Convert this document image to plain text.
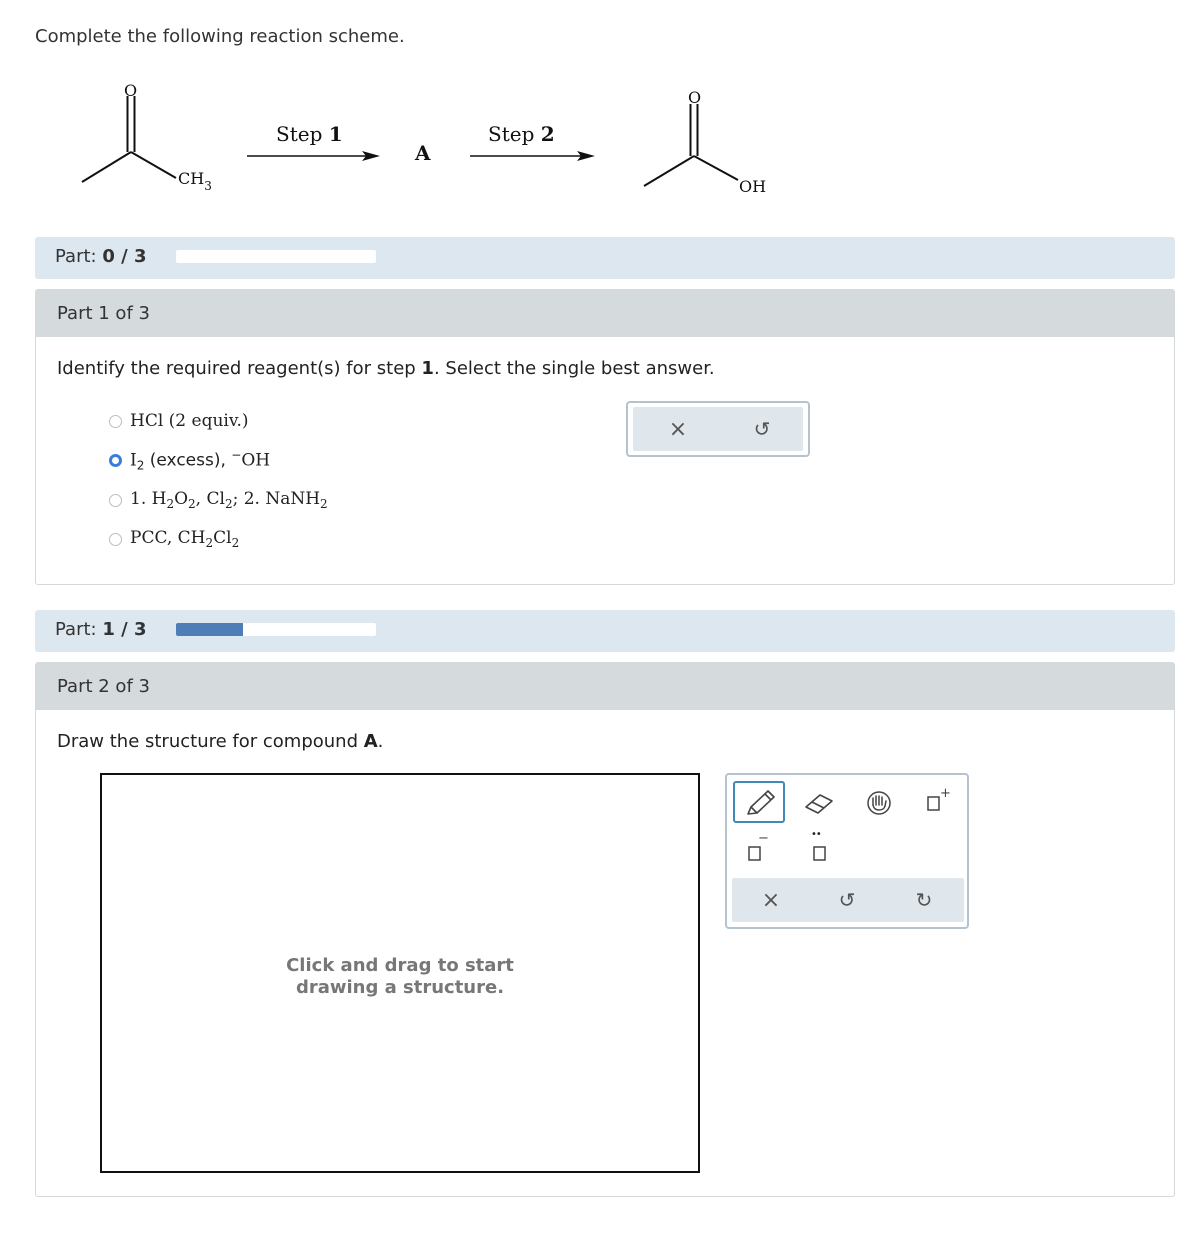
Complete the following reaction scheme.
O
$CH_3$
Step 1
A
Step 2
O
OH
Part: 0 / 3
Part 1 of 3
Identify the required reagent(s) for step 1. Select the single best answer.
HCl (2 equiv.)
$I_2$ (excess), −OH
1. $H_2O_2$, $Cl_2$; 2. NaNH$_2$
PCC, $CH_2Cl_2$
×	↺
Part: 1 / 3
Part 2 of 3
Draw the structure for compound A.
Click and drag to start
drawing a structure.
+
−	••
×	↺	↻
